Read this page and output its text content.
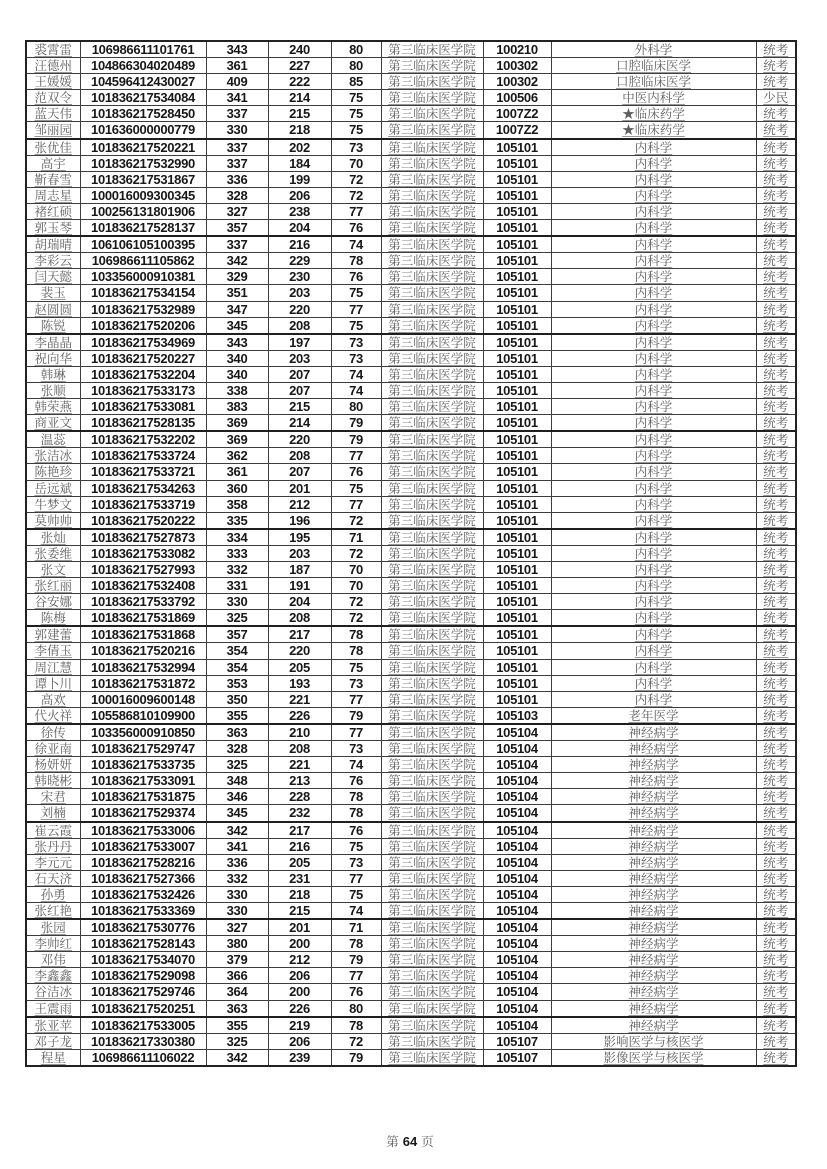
裘霄雷	106986611101761	343	240	80	第三临床医学院	100210	外科学	统考
汪德州	104866304020489	361	227	80	第三临床医学院	100302	口腔临床医学	统考
王媛媛	104596412430027	409	222	85	第三临床医学院	100302	口腔临床医学	统考
范双令	101836217534084	341	214	75	第三临床医学院	100506	中医内科学	少民
蓝天伟	101836217528450	337	215	75	第三临床医学院	1007Z2	★临床药学	统考
邹丽园	101636000000779	330	218	75	第三临床医学院	1007Z2	★临床药学	统考
张优佳	101836217520221	337	202	73	第三临床医学院	105101	内科学	统考
高宇	101836217532990	337	184	70	第三临床医学院	105101	内科学	统考
靳春雪	101836217531867	336	199	72	第三临床医学院	105101	内科学	统考
周志星	100016009300345	328	206	72	第三临床医学院	105101	内科学	统考
褚红硕	100256131801906	327	238	77	第三临床医学院	105101	内科学	统考
郭玉琴	101836217528137	357	204	76	第三临床医学院	105101	内科学	统考
胡瑞晴	106106105100395	337	216	74	第三临床医学院	105101	内科学	统考
李彩云	106986611105862	342	229	78	第三临床医学院	105101	内科学	统考
闫天懿	103356000910381	329	230	76	第三临床医学院	105101	内科学	统考
裴玉	101836217534154	351	203	75	第三临床医学院	105101	内科学	统考
赵圆圆	101836217532989	347	220	77	第三临床医学院	105101	内科学	统考
陈锐	101836217520206	345	208	75	第三临床医学院	105101	内科学	统考
李晶晶	101836217534969	343	197	73	第三临床医学院	105101	内科学	统考
祝向华	101836217520227	340	203	73	第三临床医学院	105101	内科学	统考
韩琳	101836217532204	340	207	74	第三临床医学院	105101	内科学	统考
张顺	101836217533173	338	207	74	第三临床医学院	105101	内科学	统考
韩荣燕	101836217533081	383	215	80	第三临床医学院	105101	内科学	统考
商亚文	101836217528135	369	214	79	第三临床医学院	105101	内科学	统考
温蕊	101836217532202	369	220	79	第三临床医学院	105101	内科学	统考
张洁冰	101836217533724	362	208	77	第三临床医学院	105101	内科学	统考
陈艳珍	101836217533721	361	207	76	第三临床医学院	105101	内科学	统考
岳远斌	101836217534263	360	201	75	第三临床医学院	105101	内科学	统考
牛梦文	101836217533719	358	212	77	第三临床医学院	105101	内科学	统考
莫帅帅	101836217520222	335	196	72	第三临床医学院	105101	内科学	统考
张灿	101836217527873	334	195	71	第三临床医学院	105101	内科学	统考
张委维	101836217533082	333	203	72	第三临床医学院	105101	内科学	统考
张文	101836217527993	332	187	70	第三临床医学院	105101	内科学	统考
张红丽	101836217532408	331	191	70	第三临床医学院	105101	内科学	统考
谷安娜	101836217533792	330	204	72	第三临床医学院	105101	内科学	统考
陈梅	101836217531869	325	208	72	第三临床医学院	105101	内科学	统考
郭建蕾	101836217531868	357	217	78	第三临床医学院	105101	内科学	统考
李倩玉	101836217520216	354	220	78	第三临床医学院	105101	内科学	统考
周江慧	101836217532994	354	205	75	第三临床医学院	105101	内科学	统考
谭卜川	101836217531872	353	193	73	第三临床医学院	105101	内科学	统考
高欢	100016009600148	350	221	77	第三临床医学院	105101	内科学	统考
代火祥	105586810109900	355	226	79	第三临床医学院	105103	老年医学	统考
徐传	103356000910850	363	210	77	第三临床医学院	105104	神经病学	统考
徐亚南	101836217529747	328	208	73	第三临床医学院	105104	神经病学	统考
杨妍妍	101836217533735	325	221	74	第三临床医学院	105104	神经病学	统考
韩晓彬	101836217533091	348	213	76	第三临床医学院	105104	神经病学	统考
宋君	101836217531875	346	228	78	第三临床医学院	105104	神经病学	统考
刘楠	101836217529374	345	232	78	第三临床医学院	105104	神经病学	统考
崔云霞	101836217533006	342	217	76	第三临床医学院	105104	神经病学	统考
张丹丹	101836217533007	341	216	75	第三临床医学院	105104	神经病学	统考
李元元	101836217528216	336	205	73	第三临床医学院	105104	神经病学	统考
石天济	101836217527366	332	231	77	第三临床医学院	105104	神经病学	统考
孙勇	101836217532426	330	218	75	第三临床医学院	105104	神经病学	统考
张红艳	101836217533369	330	215	74	第三临床医学院	105104	神经病学	统考
张园	101836217530776	327	201	71	第三临床医学院	105104	神经病学	统考
李帅红	101836217528143	380	200	78	第三临床医学院	105104	神经病学	统考
邓伟	101836217534070	379	212	79	第三临床医学院	105104	神经病学	统考
李鑫鑫	101836217529098	366	206	77	第三临床医学院	105104	神经病学	统考
谷洁冰	101836217529746	364	200	76	第三临床医学院	105104	神经病学	统考
王震雨	101836217520251	363	226	80	第三临床医学院	105104	神经病学	统考
张亚苹	101836217533005	355	219	78	第三临床医学院	105104	神经病学	统考
邓子龙	101836217330380	325	206	72	第三临床医学院	105107	影响医学与核医学	统考
程星	106986611106022	342	239	79	第三临床医学院	105107	影像医学与核医学	统考
第 64 页
